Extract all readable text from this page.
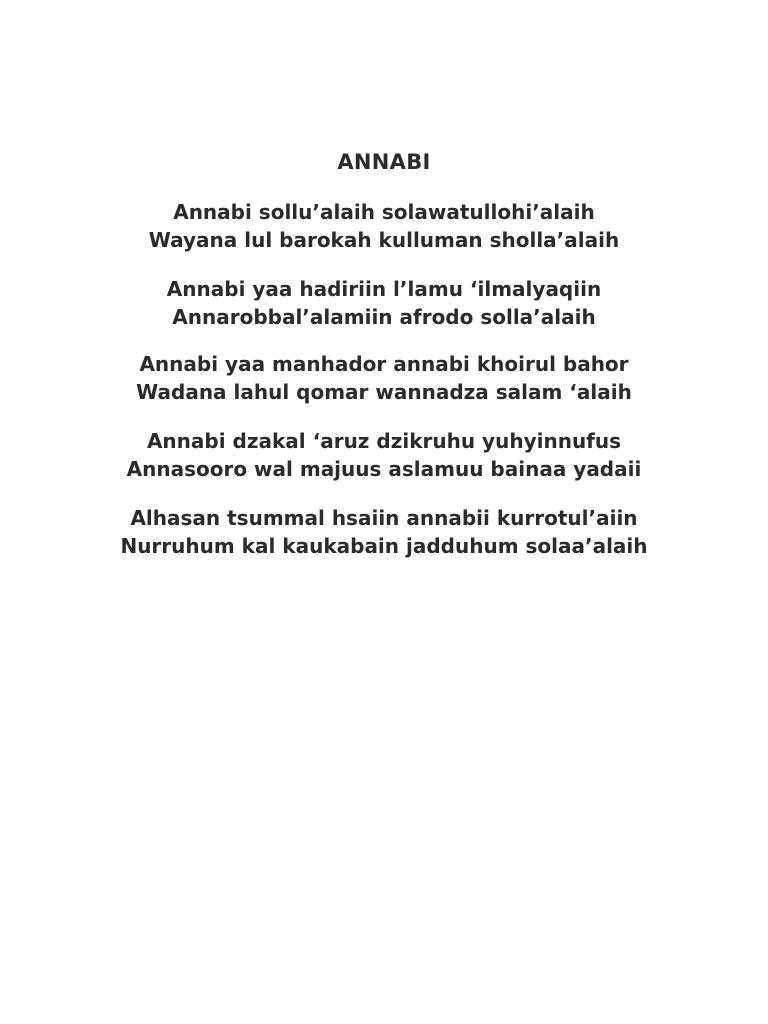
ANNABI
Annabi sollu’alaih solawatullohi’alaih
Wayana lul barokah kulluman sholla’alaih
Annabi yaa hadiriin l’lamu ‘ilmalyaqiin
Annarobbal’alamiin afrodo solla’alaih
Annabi yaa manhador annabi khoirul bahor
Wadana lahul qomar wannadza salam ‘alaih
Annabi dzakal ‘aruz dzikruhu yuhyinnufus
Annasooro wal majuus aslamuu bainaa yadaii
Alhasan tsummal hsaiin annabii kurrotul’aiin
Nurruhum kal kaukabain jadduhum solaa’alaih
